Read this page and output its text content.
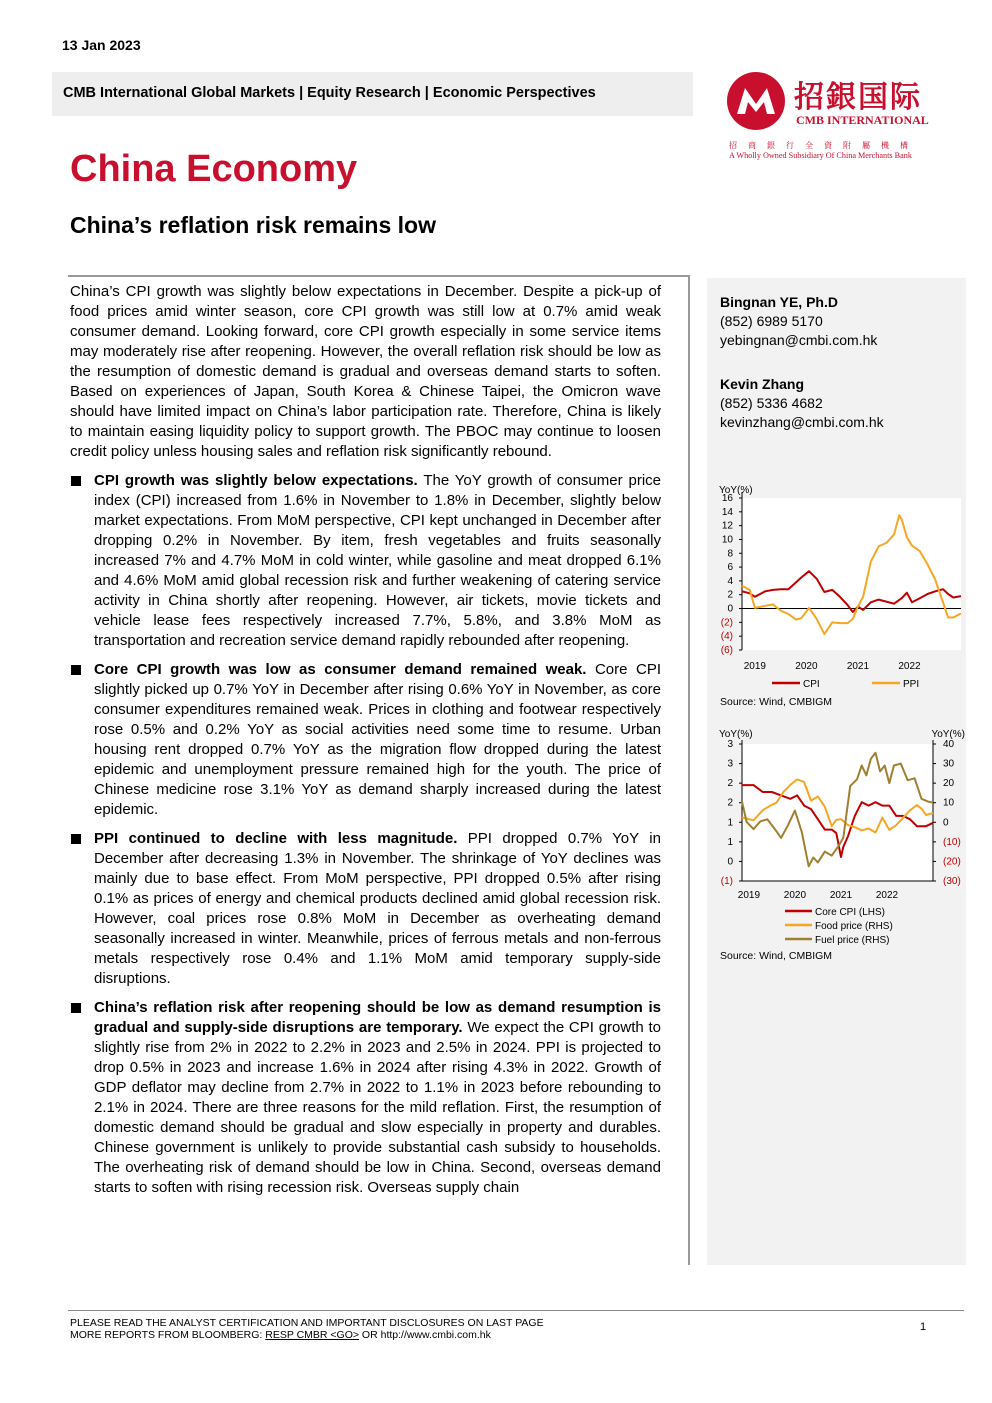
13 Jan 2023
CMB International Global Markets | Equity Research | Economic Perspectives	招銀国际
CMB INTERNATIONAL
招商銀行全資附屬機構
A Wholly Owned Subsidiary Of China Merchants Bank
China Economy
China’s reflation risk remains low

China’s CPI growth was slightly below expectations in December. Despite a pick-up of food prices amid winter season, core CPI growth was still low at 0.7% amid weak consumer demand. Looking forward, core CPI growth especially in some service items may moderately rise after reopening. However, the overall reflation risk should be low as the resumption of domestic demand is gradual and overseas demand starts to soften. Based on experiences of Japan, South Korea & Chinese Taipei, the Omicron wave should have limited impact on China’s labor participation rate. Therefore, China is likely to maintain easing liquidity policy to support growth. The PBOC may continue to loosen credit policy unless housing sales and reflation risk significantly rebound.

CPI growth was slightly below expectations. The YoY growth of consumer price index (CPI) increased from 1.6% in November to 1.8% in December, slightly below market expectations. From MoM perspective, CPI kept unchanged in December after dropping 0.2% in November. By item, fresh vegetables and fruits seasonally increased 7% and 4.7% MoM in cold winter, while gasoline and meat dropped 6.1% and 4.6% MoM amid global recession risk and further weakening of catering service activity in China shortly after reopening. However, air tickets, movie tickets and vehicle lease fees respectively increased 7.7%, 5.8%, and 3.8% MoM as transportation and recreation service demand rapidly rebounded after reopening.
Core CPI growth was low as consumer demand remained weak. Core CPI slightly picked up 0.7% YoY in December after rising 0.6% YoY in November, as core consumer expenditures remained weak. Prices in clothing and footwear respectively rose 0.5% and 0.2% YoY as social activities need some time to resume. Urban housing rent dropped 0.7% YoY as the migration flow dropped during the latest epidemic and unemployment pressure remained high for the youth. The price of Chinese medicine rose 3.1% YoY as demand sharply increased during the latest epidemic.
PPI continued to decline with less magnitude. PPI dropped 0.7% YoY in December after decreasing 1.3% in November. The shrinkage of YoY declines was mainly due to base effect. From MoM perspective, PPI dropped 0.5% after rising 0.1% as prices of energy and chemical products declined amid global recession risk. However, coal prices rose 0.8% MoM in December as overheating demand seasonally increased in winter. Meanwhile, prices of ferrous metals and non-ferrous metals respectively rose 0.4% and 1.1% MoM amid temporary supply-side disruptions.
China’s reflation risk after reopening should be low as demand resumption is gradual and supply-side disruptions are temporary. We expect the CPI growth to slightly rise from 2% in 2022 to 2.2% in 2023 and 2.5% in 2024. PPI is projected to drop 0.5% in 2023 and increase 1.6% in 2024 after rising 4.3% in 2022. Growth of GDP deflator may decline from 2.7% in 2022 to 1.1% in 2023 before rebounding to 2.1% in 2024. There are three reasons for the mild reflation. First, the resumption of domestic demand should be gradual and slow especially in property and durables. Chinese government is unlikely to provide substantial cash subsidy to households. The overheating risk of demand should be low in China. Second, overseas demand starts to soften with rising recession risk. Overseas supply chain
Bingnan YE, Ph.D
(852) 6989 5170
yebingnan@cmbi.com.hk
Kevin Zhang
(852) 5336 4682
kevinzhang@cmbi.com.hk
YoY(%)
16
14
12
10
8
6
4
2
0
(2)
(4)
(6)
2019	2020	2021	2022
CPI	PPI
Source: Wind, CMBIGM
YoY(%)	YoY(%)
3
3
2
2
1
1
0
(1)
40
30
20
10
0
(10)
(20)
(30)
2019 2020 2021 2022
Core CPI (LHS)
Food price (RHS)
Fuel price (RHS)
Source: Wind, CMBIGM
PLEASE READ THE ANALYST CERTIFICATION AND IMPORTANT DISCLOSURES ON LAST PAGE
MORE REPORTS FROM BLOOMBERG: RESP CMBR <GO> OR http://www.cmbi.com.hk
1
